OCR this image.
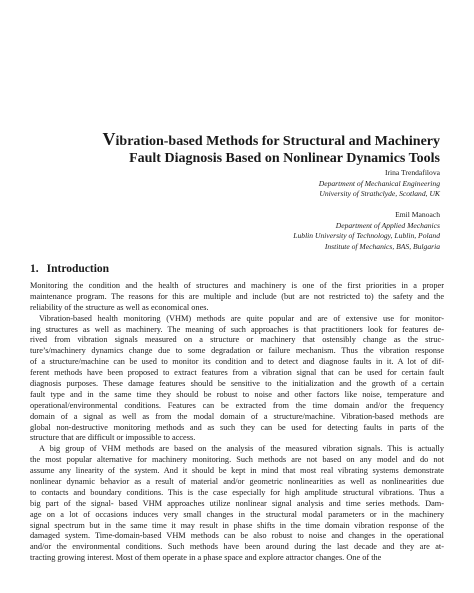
Vibration-based Methods for Structural and Machinery
Fault Diagnosis Based on Nonlinear Dynamics Tools
Irina Trendafilova
Department of Mechanical Engineering
University of Strathclyde, Scotland, UK
Emil Manoach
Department of Applied Mechanics
Lublin University of Technology, Lublin, Poland
Institute of Mechanics, BAS, Bulgaria
1. Introduction

Monitoring the condition and the health of structures and machinery is one of the first priorities in a proper
maintenance program. The reasons for this are multiple and include (but are not restricted to) the safety and the
reliability of the structure as well as economical ones.

Vibration-based health monitoring (VHM) methods are quite popular and are of extensive use for monitor-
ing structures as well as machinery. The meaning of such approaches is that practitioners look for features de-
rived from vibration signals measured on a structure or machinery that ostensibly change as the struc-
ture’s/machinery dynamics change due to some degradation or failure mechanism. Thus the vibration response
of a structure/machine can be used to monitor its condition and to detect and diagnose faults in it. A lot of dif-
ferent methods have been proposed to extract features from a vibration signal that can be used for certain fault
diagnosis purposes. These damage features should be sensitive to the initialization and the growth of a certain
fault type and in the same time they should be robust to noise and other factors like noise, temperature and
operational/environmental conditions. Features can be extracted from the time domain and/or the frequency
domain of a signal as well as from the modal domain of a structure/machine. Vibration-based methods are
global non-destructive monitoring methods and as such they can be used for detecting faults in parts of the
structure that are difficult or impossible to access.

A big group of VHM methods are based on the analysis of the measured vibration signals. This is actually
the most popular alternative for machinery monitoring. Such methods are not based on any model and do not
assume any linearity of the system. And it should be kept in mind that most real vibrating systems demonstrate
nonlinear dynamic behavior as a result of material and/or geometric nonlinearities as well as nonlinearities due
to contacts and boundary conditions. This is the case especially for high amplitude structural vibrations. Thus a
big part of the signal- based VHM approaches utilize nonlinear signal analysis and time series methods. Dam-
age on a lot of occasions induces very small changes in the structural modal parameters or in the machinery
signal spectrum but in the same time it may result in phase shifts in the time domain vibration response of the
damaged system. Time-domain-based VHM methods can be also robust to noise and changes in the operational
and/or the environmental conditions. Such methods have been around during the last decade and they are at-
tracting growing interest. Most of them operate in a phase space and explore attractor changes. One of the
